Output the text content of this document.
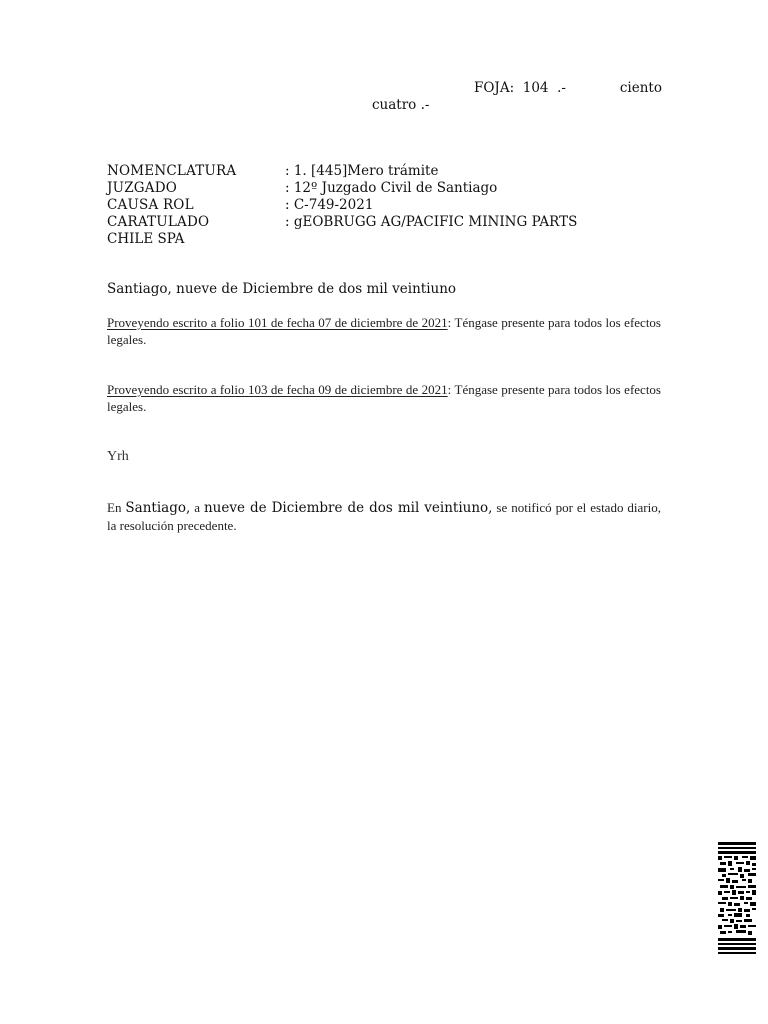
FOJA: 104 .-	ciento
cuatro .-
NOMENCLATURA	: 1. [445]Mero trámite
JUZGADO	: 12º Juzgado Civil de Santiago
CAUSA ROL	: C-749-2021
CARATULADO	: gEOBRUGG AG/PACIFIC MINING PARTS
CHILE SPA
Santiago, nueve de Diciembre de dos mil veintiuno
Proveyendo escrito a folio 101 de fecha 07 de diciembre de 2021: Téngase presente para todos los efectos legales.
Proveyendo escrito a folio 103 de fecha 09 de diciembre de 2021: Téngase presente para todos los efectos legales.
Yrh
En Santiago, a nueve de Diciembre de dos mil veintiuno, se notificó por el estado diario, la resolución precedente.
